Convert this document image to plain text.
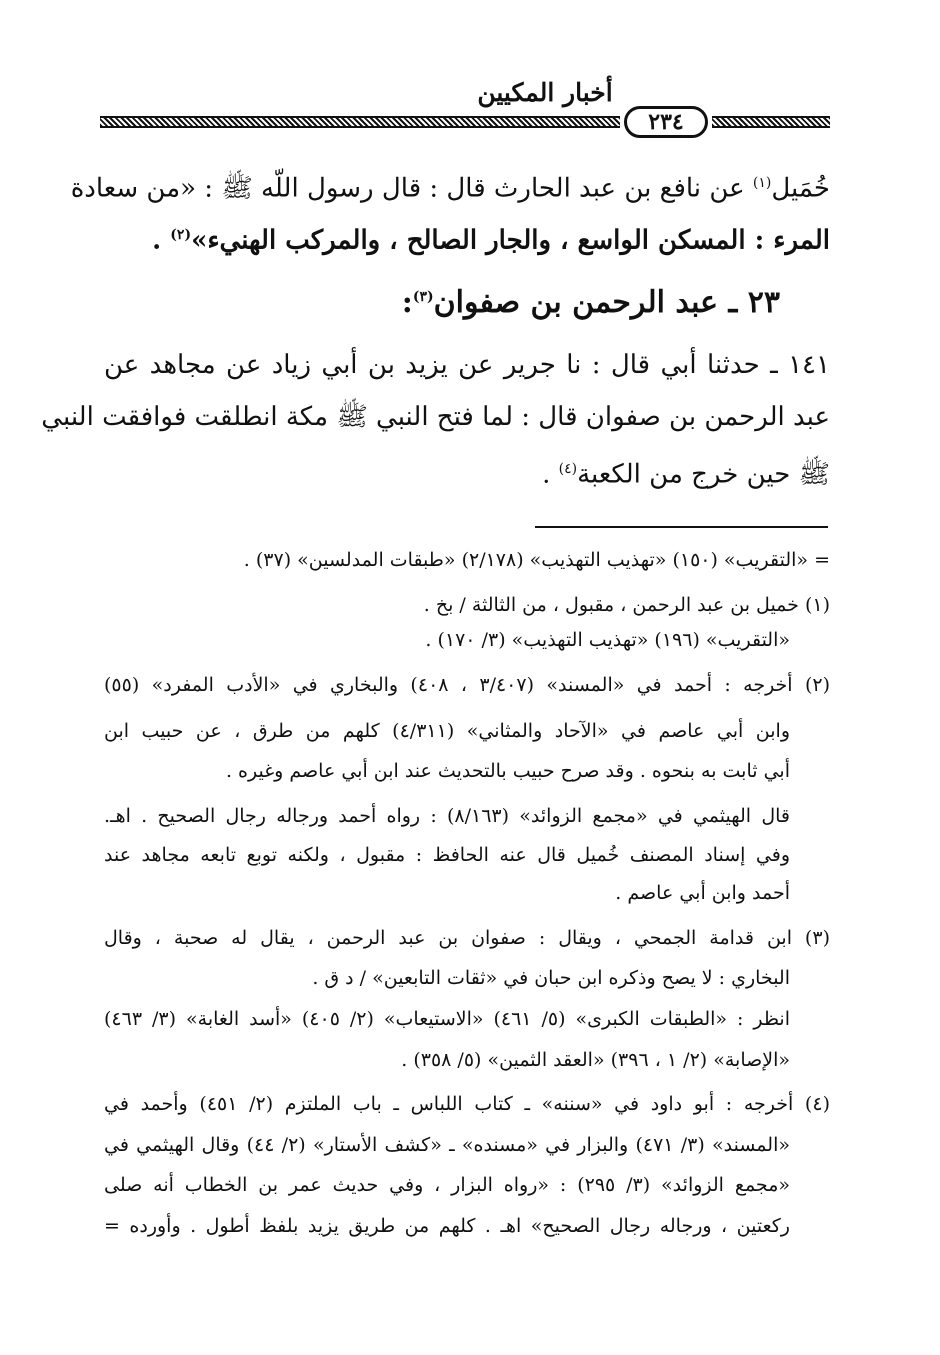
أخبار المكيين
٢٣٤
خُمَيل$^{(١)}$ عن نافع بن عبد الحارث قال : قال رسول اللّه ﷺ : «من سعادة
المرء : المسكن الواسع ، والجار الصالح ، والمركب الهنيء»$^{(٢)}$ .
٢٣ ـ عبد الرحمن بن صفوان$^{(٣)}$:
١٤١ ـ حدثنا أبي قال : نا جرير عن يزيد بن أبي زياد عن مجاهد عن
عبد الرحمن بن صفوان قال : لما فتح النبي ﷺ مكة انطلقت فوافقت النبي
ﷺ حين خرج من الكعبة$^{(٤)}$ .
= «التقريب» (١٥٠) «تهذيب التهذيب» (٢/١٧٨) «طبقات المدلسين» (٣٧) .
(١) خميل بن عبد الرحمن ، مقبول ، من الثالثة / بخ .
«التقريب» (١٩٦) «تهذيب التهذيب» (٣/ ١٧٠) .
(٢) أخرجه : أحمد في «المسند» (٣/٤٠٧ ، ٤٠٨) والبخاري في «الأدب المفرد» (٥٥)
وابن أبي عاصم في «الآحاد والمثاني» (٤/٣١١) كلهم من طرق ، عن حبيب ابن
أبي ثابت به بنحوه . وقد صرح حبيب بالتحديث عند ابن أبي عاصم وغيره .
قال الهيثمي في «مجمع الزوائد» (٨/١٦٣) : رواه أحمد ورجاله رجال الصحيح . اهـ.
وفي إسناد المصنف خُميل قال عنه الحافظ : مقبول ، ولكنه توبع تابعه مجاهد عند
أحمد وابن أبي عاصم .
(٣) ابن قدامة الجمحي ، ويقال : صفوان بن عبد الرحمن ، يقال له صحبة ، وقال
البخاري : لا يصح وذكره ابن حبان في «ثقات التابعين» / د ق .
انظر : «الطبقات الكبرى» (٥/ ٤٦١) «الاستيعاب» (٢/ ٤٠٥) «أسد الغابة» (٣/ ٤٦٣)
«الإصابة» (٢/ ١ ، ٣٩٦) «العقد الثمين» (٥/ ٣٥٨) .
(٤) أخرجه : أبو داود في «سننه» ـ كتاب اللباس ـ باب الملتزم (٢/ ٤٥١) وأحمد في
«المسند» (٣/ ٤٧١) والبزار في «مسنده» ـ «كشف الأستار» (٢/ ٤٤) وقال الهيثمي في
«مجمع الزوائد» (٣/ ٢٩٥) : «رواه البزار ، وفي حديث عمر بن الخطاب أنه صلى
ركعتين ، ورجاله رجال الصحيح» اهـ . كلهم من طريق يزيد بلفظ أطول . وأورده =
